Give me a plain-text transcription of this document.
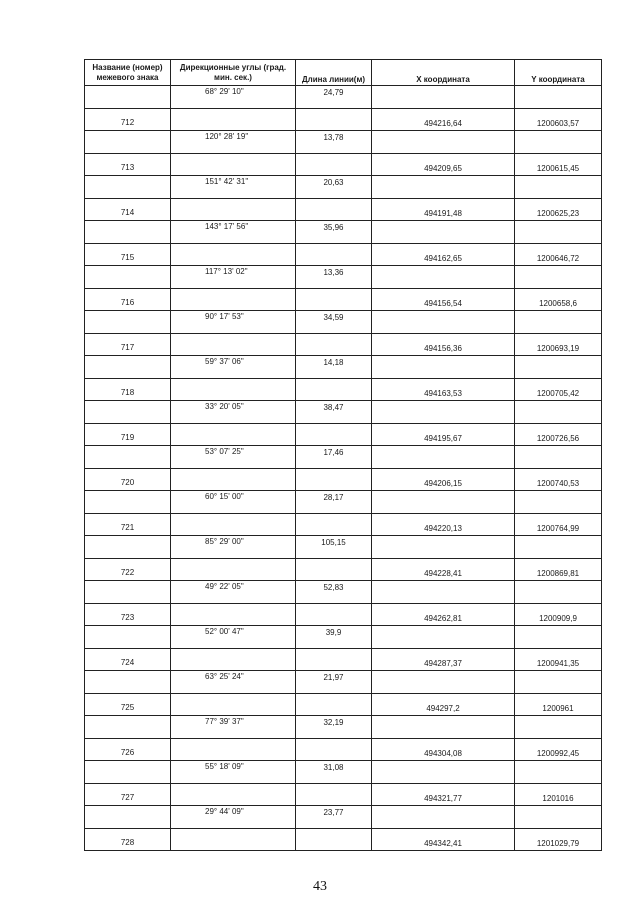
Название (номер) межевого знака	Дирекционные углы (град. мин. сек.)	Длина линии(м)	X координата	Y координата
	68° 29' 10"	24,79		
712			494216,64	1200603,57
	120° 28' 19"	13,78		
713			494209,65	1200615,45
	151° 42' 31"	20,63		
714			494191,48	1200625,23
	143° 17' 56"	35,96		
715			494162,65	1200646,72
	117° 13' 02"	13,36		
716			494156,54	1200658,6
	90° 17' 53"	34,59		
717			494156,36	1200693,19
	59° 37' 06"	14,18		
718			494163,53	1200705,42
	33° 20' 05"	38,47		
719			494195,67	1200726,56
	53° 07' 25"	17,46		
720			494206,15	1200740,53
	60° 15' 00"	28,17		
721			494220,13	1200764,99
	85° 29' 00"	105,15		
722			494228,41	1200869,81
	49° 22' 05"	52,83		
723			494262,81	1200909,9
	52° 00' 47"	39,9		
724			494287,37	1200941,35
	63° 25' 24"	21,97		
725			494297,2	1200961
	77° 39' 37"	32,19		
726			494304,08	1200992,45
	55° 18' 09"	31,08		
727			494321,77	1201016
	29° 44' 09"	23,77		
728			494342,41	1201029,79
43
